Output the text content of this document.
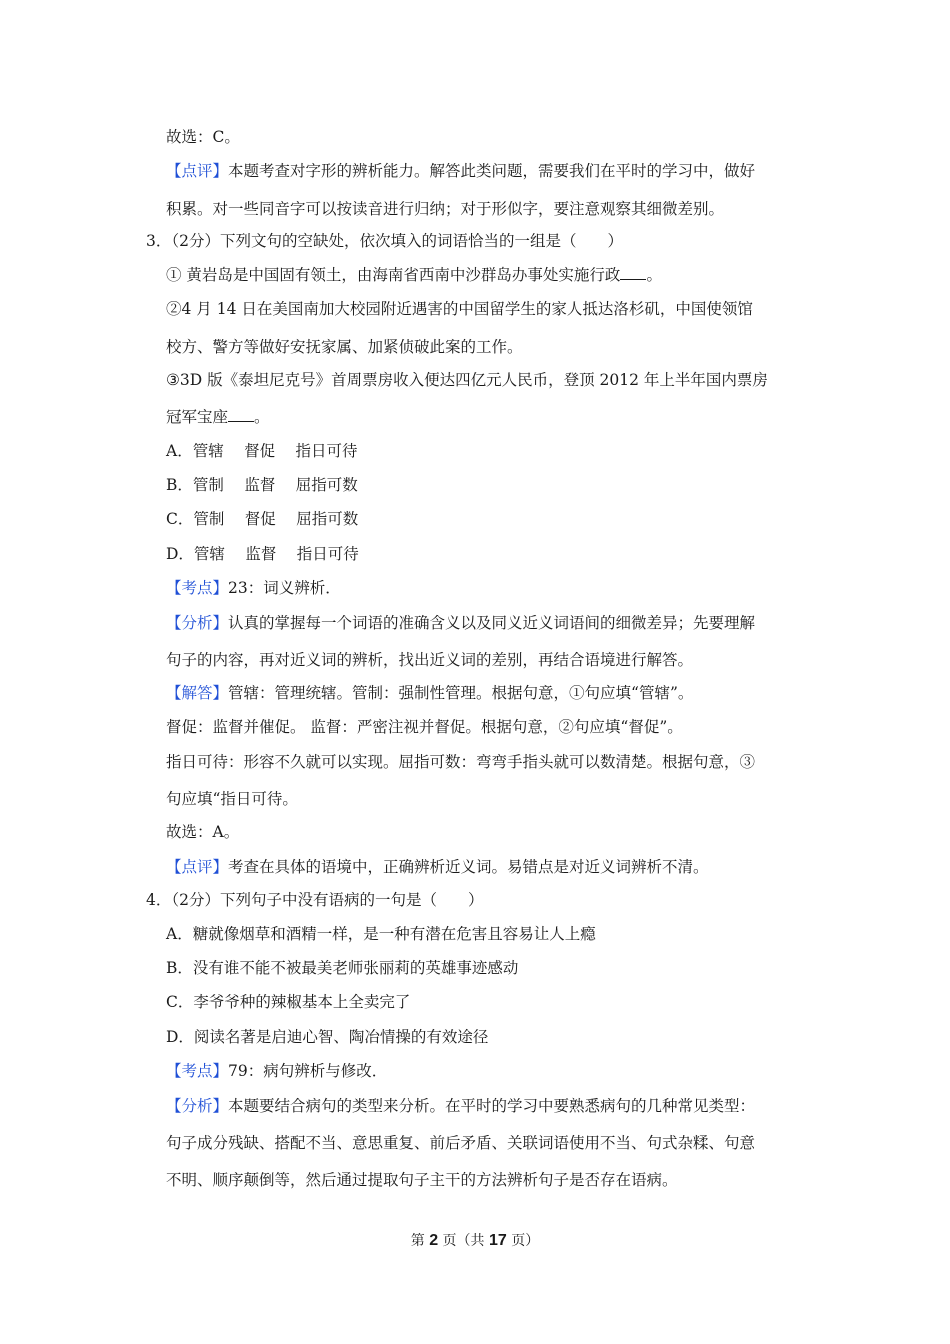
故选：C。
【点评】本题考查对字形的辨析能力。解答此类问题，需要我们在平时的学习中，做好
积累。对一些同音字可以按读音进行归纳；对于形似字，要注意观察其细微差别。
3．（2分）下列文句的空缺处，依次填入的词语恰当的一组是（　　）
① 黄岩岛是中国固有领土，由海南省西南中沙群岛办事处实施行政 。
②4 月 14 日在美国南加大校园附近遇害的中国留学生的家人抵达洛杉矶，中国使领馆
校方、警方等做好安抚家属、加紧侦破此案的工作。
③3D 版《泰坦尼克号》首周票房收入便达四亿元人民币，登顶 2012 年上半年国内票房
冠军宝座 。
A．管辖　 督促　 指日可待
B．管制　 监督　 屈指可数
C．管制　 督促　 屈指可数
D．管辖　 监督　 指日可待
【考点】23：词义辨析．
【分析】认真的掌握每一个词语的准确含义以及同义近义词语间的细微差异；先要理解
句子的内容，再对近义词的辨析，找出近义词的差别，再结合语境进行解答。
【解答】管辖：管理统辖。管制：强制性管理。根据句意，①句应填“管辖”。
督促：监督并催促。 监督：严密注视并督促。根据句意，②句应填“督促”。
指日可待：形容不久就可以实现。屈指可数：弯弯手指头就可以数清楚。根据句意，③
句应填“指日可待。
故选：A。
【点评】考查在具体的语境中，正确辨析近义词。易错点是对近义词辨析不清。
4．（2分）下列句子中没有语病的一句是（　　）
A．糖就像烟草和酒精一样，是一种有潜在危害且容易让人上瘾
B．没有谁不能不被最美老师张丽莉的英雄事迹感动
C．李爷爷种的辣椒基本上全卖完了
D．阅读名著是启迪心智、陶冶情操的有效途径
【考点】79：病句辨析与修改．
【分析】本题要结合病句的类型来分析。在平时的学习中要熟悉病句的几种常见类型：
句子成分残缺、搭配不当、意思重复、前后矛盾、关联词语使用不当、句式杂糅、句意
不明、顺序颠倒等，然后通过提取句子主干的方法辨析句子是否存在语病。
第 2 页（共 17 页）
